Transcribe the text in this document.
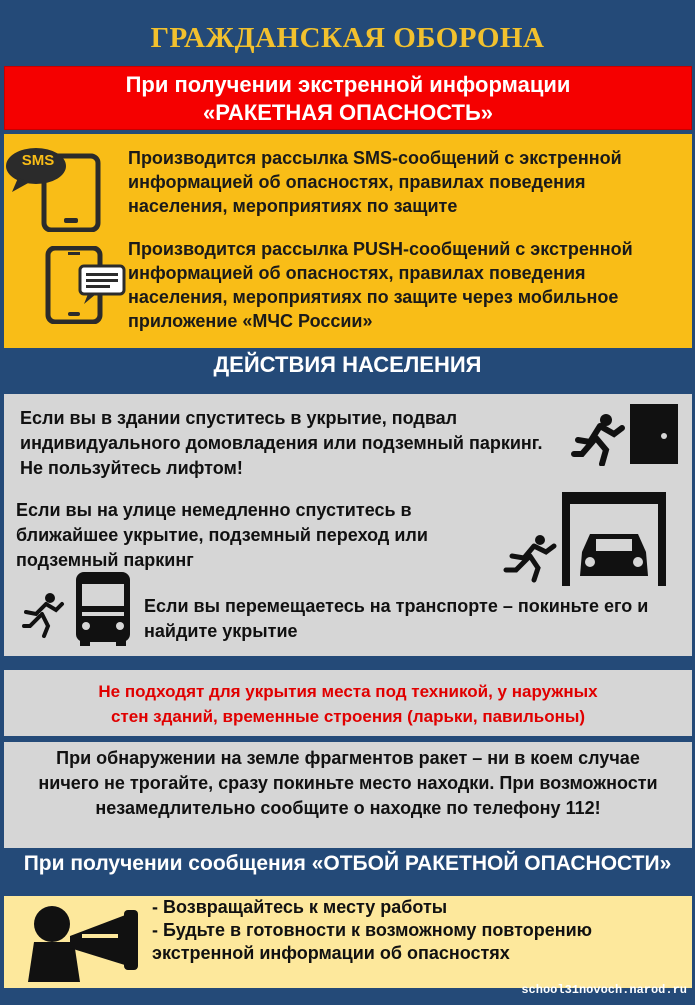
ГРАЖДАНСКАЯ ОБОРОНА
При получении экстренной информации
«РАКЕТНАЯ ОПАСНОСТЬ»
SMS	Производится рассылка SMS-сообщений с экстренной информацией об опасностях, правилах поведения населения, мероприятиях по защите
Производится рассылка PUSH-сообщений с экстренной информацией об опасностях, правилах поведения населения, мероприятиях по защите через мобильное приложение «МЧС России»
ДЕЙСТВИЯ НАСЕЛЕНИЯ
Если вы в здании спуститесь в укрытие, подвал индивидуального домовладения или подземный паркинг. Не пользуйтесь лифтом!
Если вы на улице немедленно спуститесь в ближайшее укрытие, подземный переход или подземный паркинг
Если вы перемещаетесь на транспорте – покиньте его и найдите укрытие
Не подходят для укрытия места под техникой, у наружных
стен зданий, временные строения (ларьки, павильоны)
При обнаружении на земле фрагментов ракет – ни в коем случае ничего не трогайте, сразу покиньте место находки. При возможности незамедлительно сообщите о находке по телефону 112!
При получении сообщения «ОТБОЙ РАКЕТНОЙ ОПАСНОСТИ»
- Возвращайтесь к месту работы
- Будьте в готовности к возможному повторению экстренной информации об опасностях
school31novoch.narod.ru
